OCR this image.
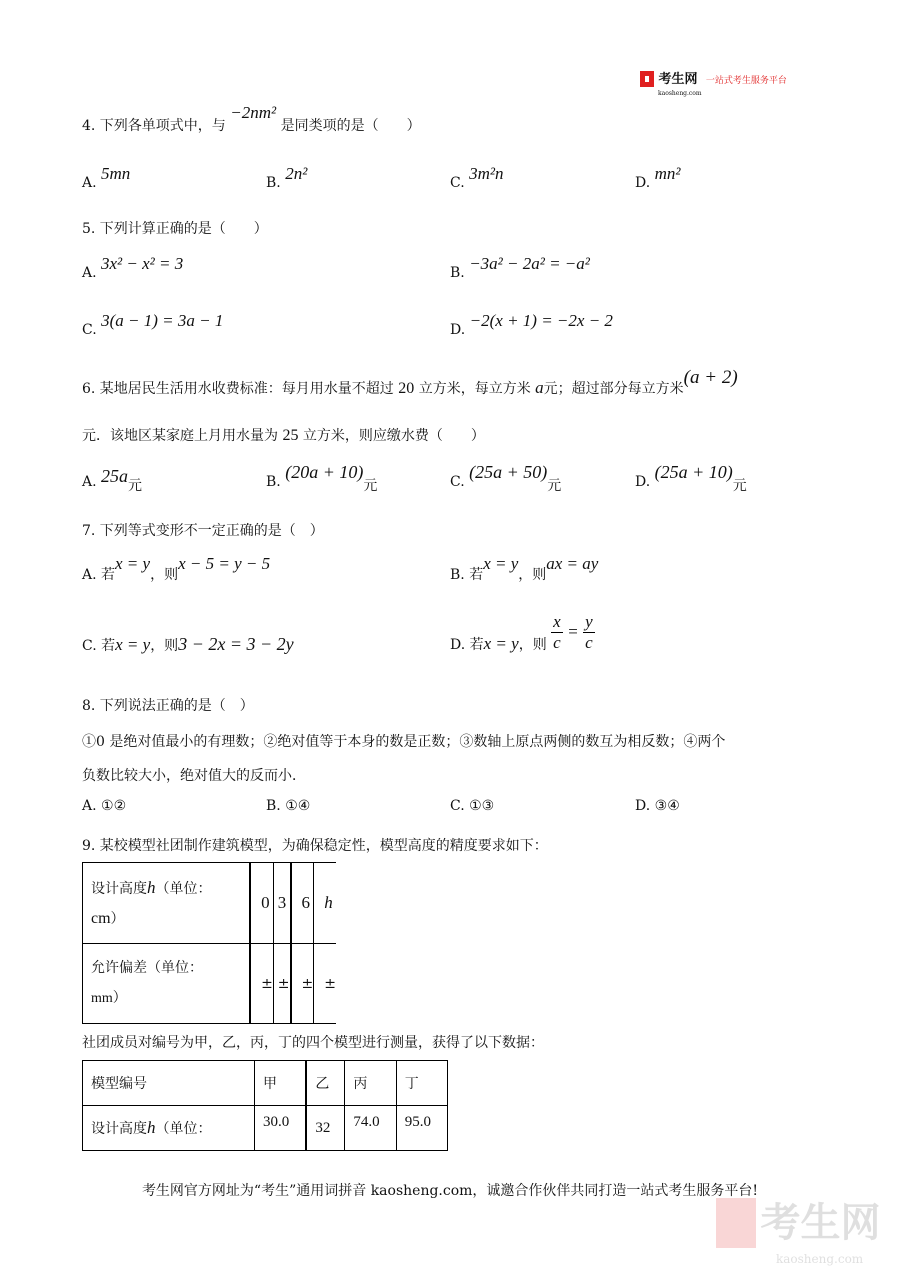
考生网 一站式考生服务平台
kaosheng.com
4. 下列各单项式中，与 −2nm² 是同类项的是（　　）
A. 5mn	B. 2n²	C. 3m²n	D. mn²
5. 下列计算正确的是（　　）
A. 3x² − x² = 3	B. −3a² − 2a² = −a²
C. 3(a − 1) = 3a − 1	D. −2(x + 1) = −2x − 2
6. 某地居民生活用水收费标准：每月用水量不超过 20 立方米，每立方米 a元；超过部分每立方米(a + 2)
元．该地区某家庭上月用水量为 25 立方米，则应缴水费（　　）
A. 25a元	B. (20a + 10)元	C. (25a + 50)元	D. (25a + 10)元
7. 下列等式变形不一定正确的是（　）
A. 若x = y，则x − 5 = y − 5
B. 若x = y，则ax = ay
C. 若x = y，则3 − 2x = 3 − 2y	D. 若x = y，则 $\frac{x}{c} = \frac{y}{c}$
8. 下列说法正确的是（　）
①0 是绝对值最小的有理数；②绝对值等于本身的数是正数；③数轴上原点两侧的数互为相反数；④两个
负数比较大小，绝对值大的反而小．
A. ①②	B. ①④	C. ①③	D. ③④
9. 某校模型社团制作建筑模型，为确保稳定性，模型高度的精度要求如下：
设计高度h（单位：
cm）	0	3	6	h
允许偏差（单位：
mm）	±	±	±	±
社团成员对编号为甲，乙，丙，丁的四个模型进行测量，获得了以下数据：
模型编号	甲	乙	丙	丁
设计高度h（单位：	30.0	32	74.0	95.0
考生网官方网址为“考生”通用词拼音 kaosheng.com，诚邀合作伙伴共同打造一站式考生服务平台!
考生网
kaosheng.com
